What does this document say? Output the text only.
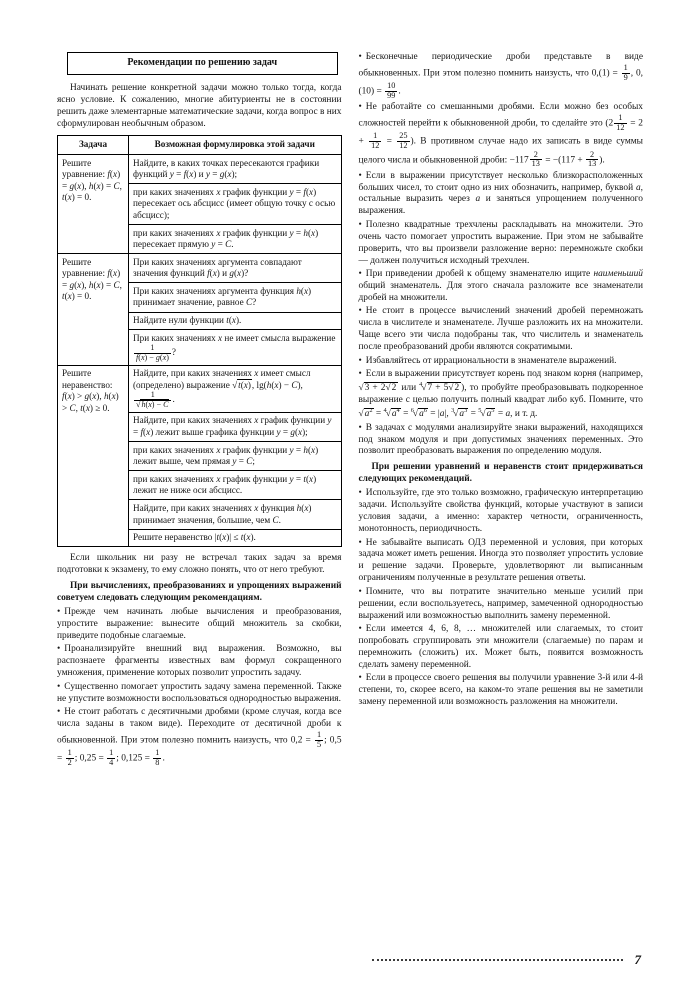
Рекомендации по решению задач

Начинать решение конкретной задачи можно только тогда, когда ясно условие. К сожалению, многие абитуриенты не в состоянии решить даже элементарные математические задачи, когда вопрос в них сформулирован необычным образом.

Задача	Возможная формулировка этой задачи
Решите уравнение: f(x) = g(x), h(x) = C, t(x) = 0.	Найдите, в каких точках пересекаются графики функций y = f(x) и y = g(x);
	при каких значениях x график функции y = f(x) пересекает ось абсцисс (имеет общую точку с осью абсцисс);
	при каких значениях x график функции y = h(x) пересекает прямую y = C.
Решите уравнение: f(x) = g(x), h(x) = C, t(x) = 0.	При каких значениях аргумента совпадают значения функций f(x) и g(x)?
	При каких значениях аргумента функция h(x) принимает значение, равное C?
	Найдите нули функции t(x).
	При каких значениях x не имеет смысла выражение
$\frac{1}{f(x) - g(x)}$ ?
Решите неравенство: f(x) > g(x), h(x) > C, t(x) ≥ 0.	Найдите, при каких значениях x имеет смысл (определено) выражение √t(x), lg(h(x) − C),
$\frac{1}{√h(x) - C}$ .
	Найдите, при каких значениях x график функции y = f(x) лежит выше графика функции y = g(x);
	при каких значениях x график функции y = h(x) лежит выше, чем прямая y = C;
	при каких значениях x график функции y = t(x) лежит не ниже оси абсцисс.
	Найдите, при каких значениях x функция h(x) принимает значения, большие, чем C.
	Решите неравенство |t(x)| ≤ t(x).

Если школьник ни разу не встречал таких задач за время подготовки к экзамену, то ему сложно понять, что от него требуют.

При вычислениях, преобразованиях и упрощениях выражений советуем следовать следующим рекомендациям.

• Прежде чем начинать любые вычисления и преобразования, упростите выражение: вынесите общий множитель за скобки, приведите подобные слагаемые.
• Проанализируйте внешний вид выражения. Возможно, вы распознаете фрагменты известных вам формул сокращенного умножения, применение которых позволит упростить задачу.
• Существенно помогает упростить задачу замена переменной. Также не упустите возможности воспользоваться однородностью выражения.
• Не стоит работать с десятичными дробями (кроме случая, когда все числа заданы в таком виде). Переходите от десятичной дроби к обыкновенной. При этом полезно помнить наизусть, что $0,2 = \frac{1}{5}$ ; $0,5 = \frac{1}{2}$ ; $0,25 = \frac{1}{4}$ ; $0,125 = \frac{1}{8}$ .
• Бесконечные периодические дроби представьте в виде обыкновенных. При этом полезно помнить наизусть, что $0,(1) = \frac{1}{9}$ , $0,(10) = \frac{10}{99}$ .
• Не работайте со смешанными дробями. Если можно без особых сложностей перейти к обыкновенной дроби, то сделайте это ($2 \frac{1}{12} = 2 + \frac{1}{12} = \frac{25}{12}$ ). В противном случае надо их записать в виде суммы целого числа и обыкновенной дроби: $-117 \frac{2}{13} = -(117 + \frac{2}{13}$ ).
• Если в выражении присутствует несколько близкорасположенных больших чисел, то стоит одно из них обозначить, например, буквой a, остальные выразить через a и заняться упрощением полученного выражения.
• Полезно квадратные трехчлены раскладывать на множители. Это очень часто помогает упростить выражение. При этом не забывайте проверить, что вы произвели разложение верно: перемножьте скобки — должен получиться исходный трехчлен.
• При приведении дробей к общему знаменателю ищите наименьший общий знаменатель. Для этого сначала разложите все знаменатели дробей на множители.
• Не стоит в процессе вычислений значений дробей перемножать числа в числителе и знаменателе. Лучше разложить их на множители. Чаще всего эти числа подобраны так, что числитель и знаменатель после преобразований дроби являются сократимыми.
• Избавляйтесь от иррациональности в знаменателе выражений.
• Если в выражении присутствует корень под знаком корня (например, √3 + 2√2 или $^4$√7 + 5√2 ), то пробуйте преобразовывать подкоренное выражение с целью получить полный квадрат либо куб. Помните, что $√a^2 = ^4√a^4 = ^6√a^6 = |a|$, $^3√a^3 = ^5√a^5 = a$, и т. д.
• В задачах с модулями анализируйте знаки выражений, находящихся под знаком модуля и при допустимых значениях переменных. Это позволит преобразовать выражения по определению модуля.

При решении уравнений и неравенств стоит придерживаться следующих рекомендаций.

• Используйте, где это только возможно, графическую интерпретацию задачи. Используйте свойства функций, которые участвуют в записи условия задачи, а именно: характер четности, ограниченность, монотонность, периодичность.
• Не забывайте выписать ОДЗ переменной и условия, при которых задача может иметь решения. Иногда это позволяет упростить условие и решение задачи. Проверьте, удовлетворяют ли выписанным ограничениям полученные в результате решения ответы.
• Помните, что вы потратите значительно меньше усилий при решении, если воспользуетесь, например, замеченной однородностью выражений или возможностью выполнить замену переменной.
• Если имеется 4, 6, 8, … множителей или слагаемых, то стоит попробовать сгруппировать эти множители (слагаемые) по парам и перемножить (сложить) их. Может быть, появится возможность сделать замену переменной.
• Если в процессе своего решения вы получили уравнение 3-й или 4-й степени, то, скорее всего, на каком-то этапе решения вы не заметили замену переменной или возможность разложения на множители.
7
